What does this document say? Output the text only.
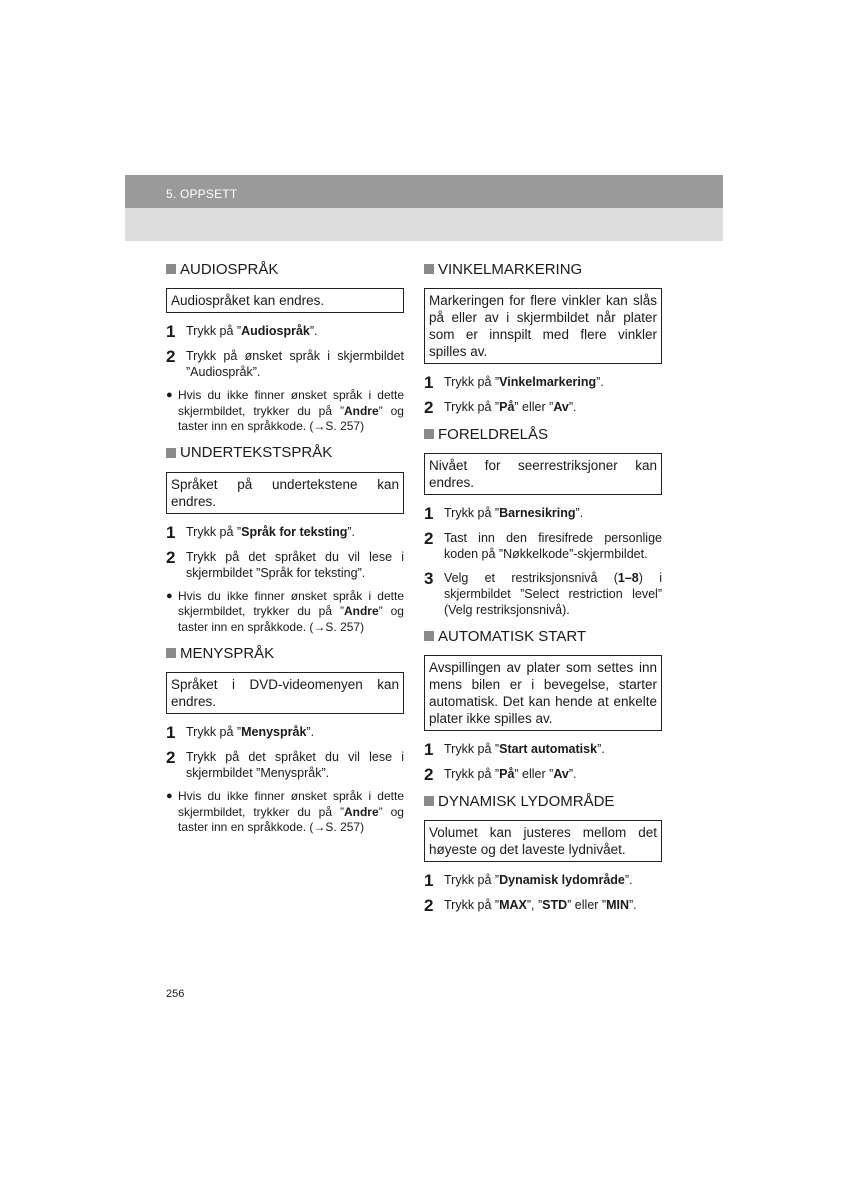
5. OPPSETT
AUDIOSPRÅK
Audiospråket kan endres.
1 Trykk på ”Audiospråk”.
2 Trykk på ønsket språk i skjermbildet ”Audiospråk”.
● Hvis du ikke finner ønsket språk i dette skjermbildet, trykker du på ”Andre” og taster inn en språkkode. (→S. 257)
UNDERTEKSTSPRÅK
Språket på undertekstene kan endres.
1 Trykk på ”Språk for teksting”.
2 Trykk på det språket du vil lese i skjermbildet ”Språk for teksting”.
● Hvis du ikke finner ønsket språk i dette skjermbildet, trykker du på ”Andre” og taster inn en språkkode. (→S. 257)
MENYSPRÅK
Språket i DVD-videomenyen kan endres.
1 Trykk på ”Menyspråk”.
2 Trykk på det språket du vil lese i skjermbildet ”Menyspråk”.
● Hvis du ikke finner ønsket språk i dette skjermbildet, trykker du på ”Andre” og taster inn en språkkode. (→S. 257)
VINKELMARKERING
Markeringen for flere vinkler kan slås på eller av i skjermbildet når plater som er innspilt med flere vinkler spilles av.
1 Trykk på ”Vinkelmarkering”.
2 Trykk på ”På” eller ”Av”.
FORELDRELÅS
Nivået for seerrestriksjoner kan endres.
1 Trykk på ”Barnesikring”.
2 Tast inn den firesifrede personlige koden på ”Nøkkelkode”-skjermbildet.
3 Velg et restriksjonsnivå (1–8) i skjermbildet ”Select restriction level” (Velg restriksjonsnivå).
AUTOMATISK START
Avspillingen av plater som settes inn mens bilen er i bevegelse, starter automatisk. Det kan hende at enkelte plater ikke spilles av.
1 Trykk på ”Start automatisk”.
2 Trykk på ”På” eller ”Av”.
DYNAMISK LYDOMRÅDE
Volumet kan justeres mellom det høyeste og det laveste lydnivået.
1 Trykk på ”Dynamisk lydområde”.
2 Trykk på ”MAX”, ”STD” eller ”MIN”.
256
